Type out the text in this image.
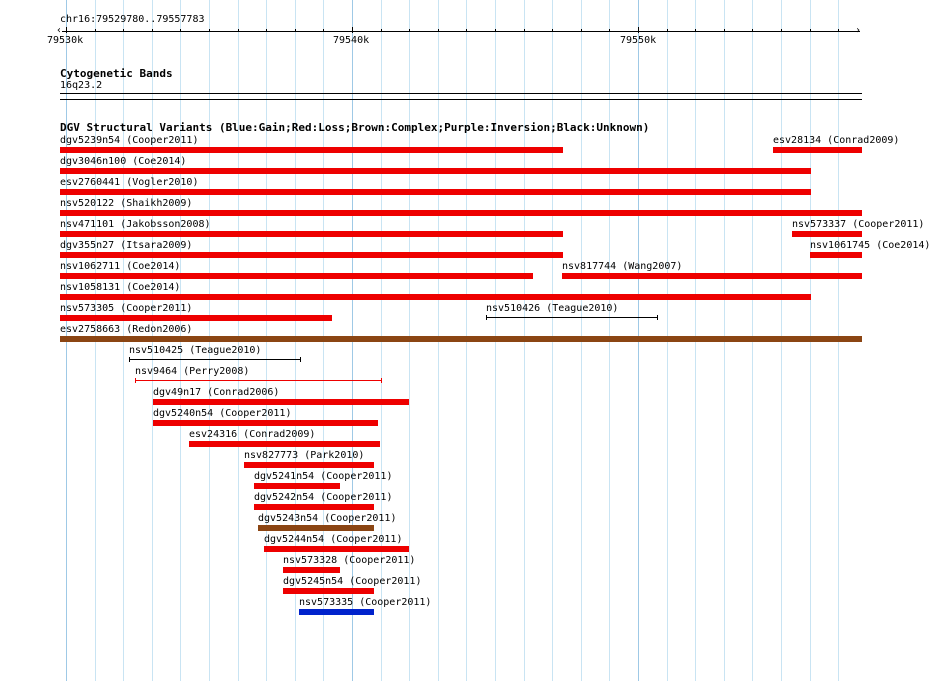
chr16:79529780..79557783
‹	›
79530k	79540k	79550k
Cytogenetic Bands
16q23.2
DGV Structural Variants (Blue:Gain;Red:Loss;Brown:Complex;Purple:Inversion;Black:Unknown)
dgv5239n54 (Cooper2011)	esv28134 (Conrad2009)
dgv3046n100 (Coe2014)
esv2760441 (Vogler2010)
nsv520122 (Shaikh2009)
nsv471101 (Jakobsson2008)	nsv573337 (Cooper2011)
dgv355n27 (Itsara2009)	nsv1061745 (Coe2014)
nsv1062711 (Coe2014)	nsv817744 (Wang2007)
nsv1058131 (Coe2014)
nsv573305 (Cooper2011)	nsv510426 (Teague2010)
esv2758663 (Redon2006)
nsv510425 (Teague2010)
nsv9464 (Perry2008)
dgv49n17 (Conrad2006)
dgv5240n54 (Cooper2011)
esv24316 (Conrad2009)
nsv827773 (Park2010)
dgv5241n54 (Cooper2011)
dgv5242n54 (Cooper2011)
dgv5243n54 (Cooper2011)
dgv5244n54 (Cooper2011)
nsv573328 (Cooper2011)
dgv5245n54 (Cooper2011)
nsv573335 (Cooper2011)
